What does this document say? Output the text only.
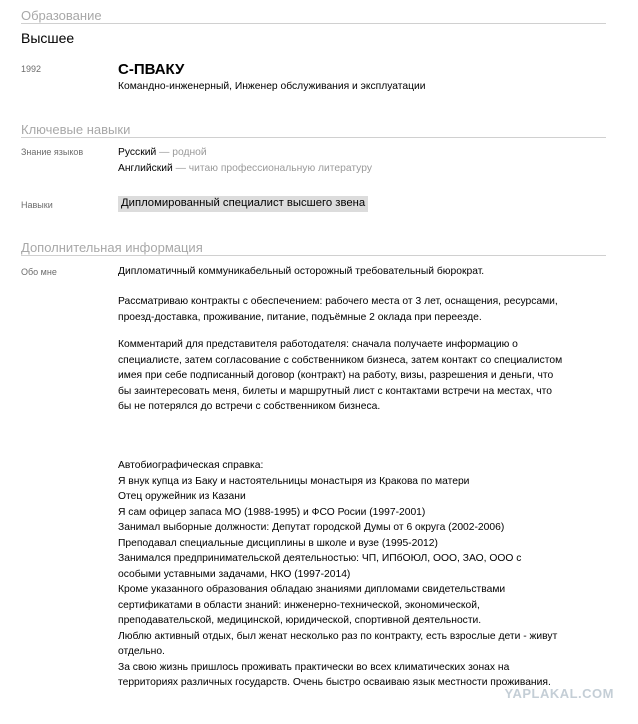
Образование
Высшее
1992	С-ПВАКУ
Командно-инженерный, Инженер обслуживания и эксплуатации
Ключевые навыки
Знание языков	Русский — родной
Английский — читаю профессиональную литературу
Навыки	Дипломированный специалист высшего звена
Дополнительная информация
Обо мне	Дипломатичный коммуникабельный осторожный требовательный бюрократ.
Рассматриваю контракты с обеспечением: рабочего места от 3 лет, оснащения, ресурсами,
проезд-доставка, проживание, питание, подъёмные 2 оклада при переезде.
Комментарий для представителя работодателя: сначала получаете информацию о
специалисте, затем согласование с собственником бизнеса, затем контакт со специалистом
имея при себе подписанный договор (контракт) на работу, визы, разрешения и деньги, что
бы заинтересовать меня, билеты и маршрутный лист с контактами встречи на местах, что
бы не потерялся до встречи с собственником бизнеса.
Автобиографическая справка:
Я внук купца из Баку и настоятельницы монастыря из Кракова по матери
Отец оружейник из Казани
Я сам офицер запаса МО (1988-1995) и ФСО Росии (1997-2001)
Занимал выборные должности: Депутат городской Думы от 6 округа (2002-2006)
Преподавал специальные дисциплины в школе и вузе (1995-2012)
Занимался предпринимательской деятельностью: ЧП, ИПбОЮЛ, ООО, ЗАО, ООО с
особыми уставными задачами, НКО (1997-2014)
Кроме указанного образования обладаю знаниями дипломами свидетельствами
сертификатами в области знаний: инженерно-технической, экономической,
преподавательской, медицинской, юридической, спортивной деятельности.
Люблю активный отдых, был женат несколько раз по контракту, есть взрослые дети - живут
отдельно.
За свою жизнь пришлось проживать практически во всех климатических зонах на
территориях различных государств. Очень быстро осваиваю язык местности проживания.
YAPLAKAL.COM
